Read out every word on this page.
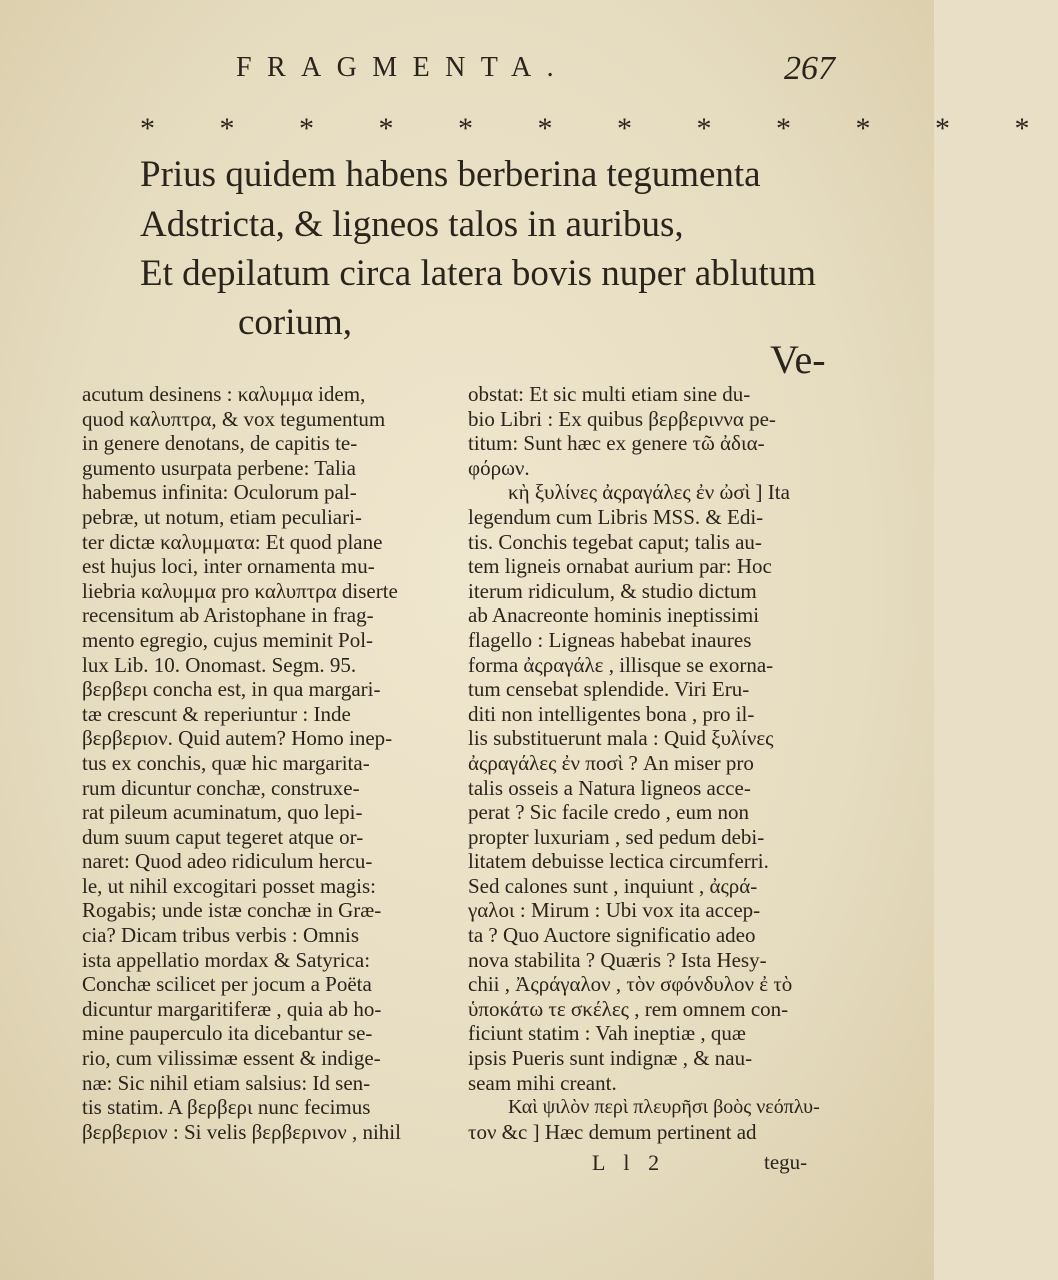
FRAGMENTA.	267
* * * * * * * * * * * *
Prius quidem habens berberina tegumenta
Adstricta, & ligneos talos in auribus,
Et depilatum circa latera bovis nuper ablutum
corium,
Ve-
acutum desinens : καλυμμα idem,
quod καλυπτρα, & vox tegumentum
in genere denotans, de capitis te-
gumento usurpata perbene: Talia
habemus infinita: Oculorum pal-
pebræ, ut notum, etiam peculiari-
ter dictæ καλυμματα: Et quod plane
est hujus loci, inter ornamenta mu-
liebria καλυμμα pro καλυπτρα diserte
recensitum ab Aristophane in frag-
mento egregio, cujus meminit Pol-
lux Lib. 10. Onomast. Segm. 95.
βερβερι concha est, in qua margari-
tæ crescunt & reperiuntur : Inde
βερβεριον. Quid autem? Homo inep-
tus ex conchis, quæ hic margarita-
rum dicuntur conchæ, construxe-
rat pileum acuminatum, quo lepi-
dum suum caput tegeret atque or-
naret: Quod adeo ridiculum hercu-
le, ut nihil excogitari posset magis:
Rogabis; unde istæ conchæ in Græ-
cia? Dicam tribus verbis : Omnis
ista appellatio mordax & Satyrica:
Conchæ scilicet per jocum a Poëta
dicuntur margaritiferæ , quia ab ho-
mine pauperculo ita dicebantur se-
rio, cum vilissimæ essent & indige-
næ: Sic nihil etiam salsius: Id sen-
tis statim. A βερβερι nunc fecimus
βερβεριον : Si velis βερβερινον , nihil
obstat: Et sic multi etiam sine du-
bio Libri : Ex quibus βερβεριννα pe-
titum: Sunt hæc ex genere τῶ ἀδια-
φόρων.
κὴ ξυλίνες ἀςραγάλες ἐν ὠσὶ ] Ita
legendum cum Libris MSS. & Edi-
tis. Conchis tegebat caput; talis au-
tem ligneis ornabat aurium par: Hoc
iterum ridiculum, & studio dictum
ab Anacreonte hominis ineptissimi
flagello : Ligneas habebat inaures
forma ἀςραγάλε , illisque se exorna-
tum censebat splendide. Viri Eru-
diti non intelligentes bona , pro il-
lis substituerunt mala : Quid ξυλίνες
ἀςραγάλες ἐν ποσὶ ? An miser pro
talis osseis a Natura ligneos acce-
perat ? Sic facile credo , eum non
propter luxuriam , sed pedum debi-
litatem debuisse lectica circumferri.
Sed calones sunt , inquiunt , ἀςρά-
γαλοι : Mirum : Ubi vox ita accep-
ta ? Quo Auctore significatio adeo
nova stabilita ? Quæris ? Ista Hesy-
chii , Ἀςράγαλον , τὸν σφόνδυλον ἐ τὸ
ὑποκάτω τε σκέλες , rem omnem con-
ficiunt statim : Vah ineptiæ , quæ
ipsis Pueris sunt indignæ , & nau-
seam mihi creant.
Καὶ ψιλὸν περὶ πλευρῆσι βοὸς νεόπλυ-
τον &c ] Hæc demum pertinent ad
L l 2	tegu-
